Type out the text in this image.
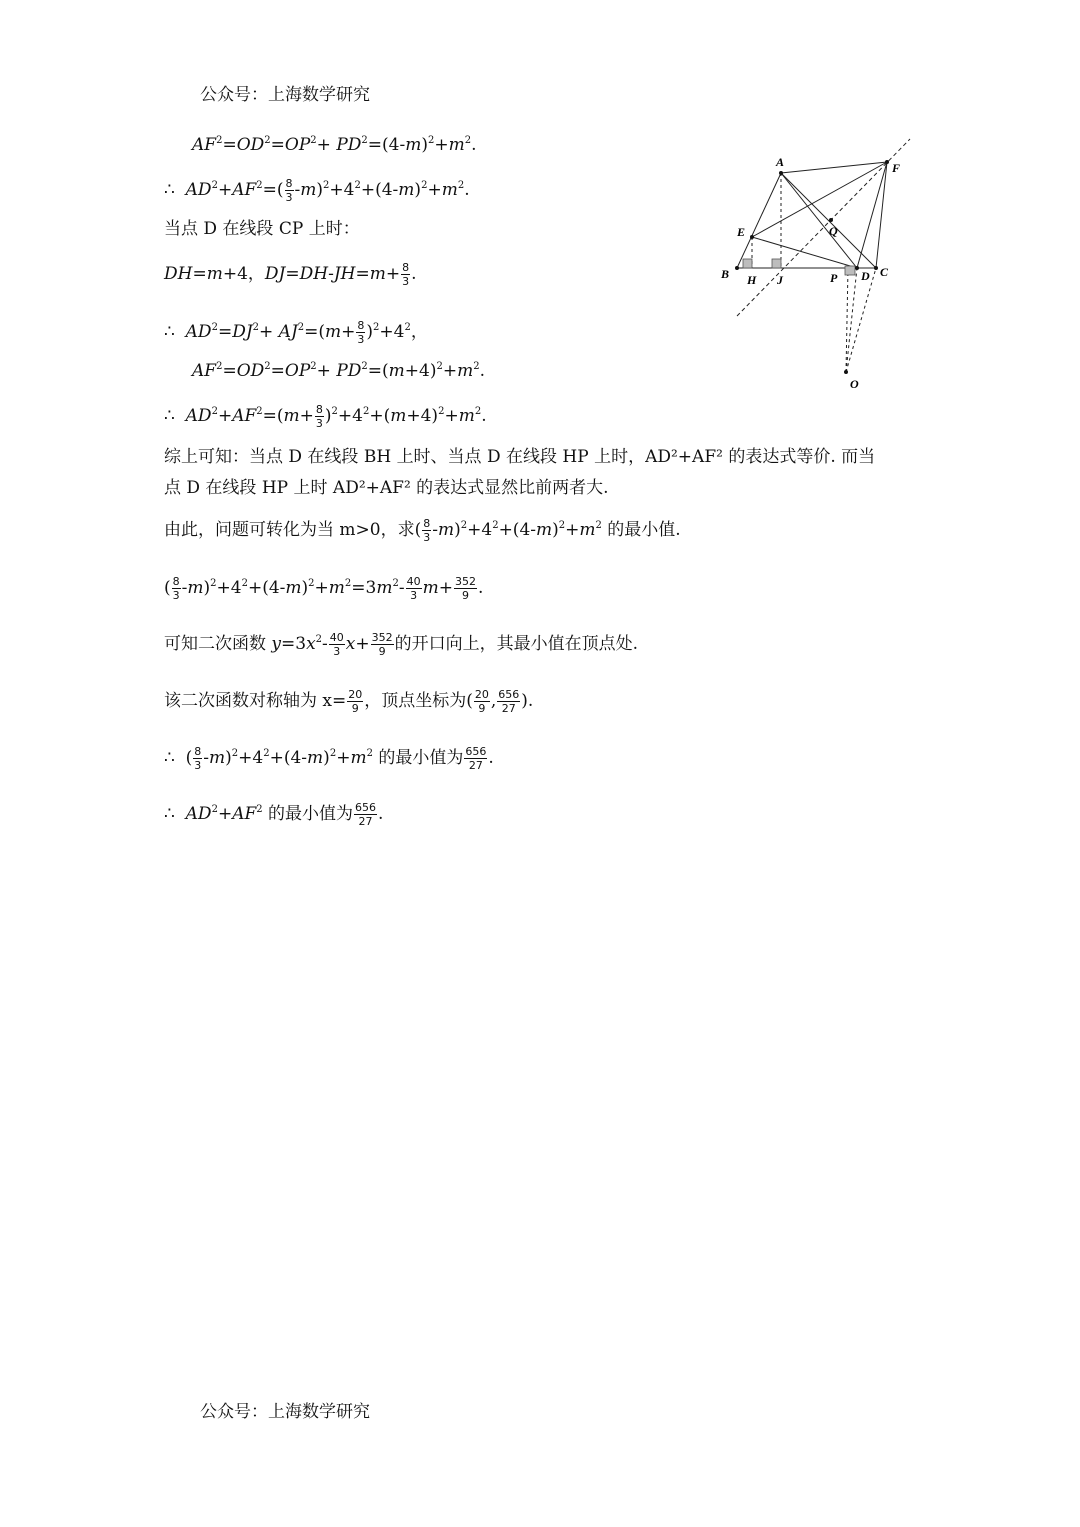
公众号：上海数学研究
$AF^2=OD^2=OP^2+ PD^2=(4-m)^2+m^2$.
∴ $AD^2+AF^2=( \frac{8}{3} -m)^2+4^2+(4-m)^2+m^2$.
当点 D 在线段 CP 上时：
DH=m+4，$DJ=DH-JH=m+ \frac{8}{3}$ .
∴ $AD^2=DJ^2+ AJ^2=(m+ \frac{8}{3} )^2+4^2$，
$AF^2=OD^2=OP^2+ PD^2=(m+4)^2+m^2$.
∴ $AD^2+AF^2=(m+ \frac{8}{3} )^2+4^2+(m+4)^2+m^2$.
综上可知：当点 D 在线段 BH 上时、当点 D 在线段 HP 上时，AD²+AF² 的表达式等价. 而当
点 D 在线段 HP 上时 AD²+AF² 的表达式显然比前两者大.
由此，问题可转化为当 m>0，求( $\frac{8}{3} -m)^2+4^2+(4-m)^2+m^2$ 的最小值.
( $\frac{8}{3} -m)^2+4^2+(4-m)^2+m^2=3m^2- \frac{40}{3} m+ \frac{352}{9}$ .
可知二次函数 $y=3x^2- \frac{40}{3} x+ \frac{352}{9}$ 的开口向上，其最小值在顶点处.
该二次函数对称轴为 $x= \frac{20}{9}$ ，顶点坐标为( $\frac{20}{9}$ , $\frac{656}{27}$ ).
∴  ( $\frac{8}{3} -m)^2+4^2+(4-m)^2+m^2$ 的最小值为 $\frac{656}{27}$ .
∴ $AD^2+AF^2$ 的最小值为 $\frac{656}{27}$ .
A	F
E	Q
B H J	P D C
O
公众号：上海数学研究
